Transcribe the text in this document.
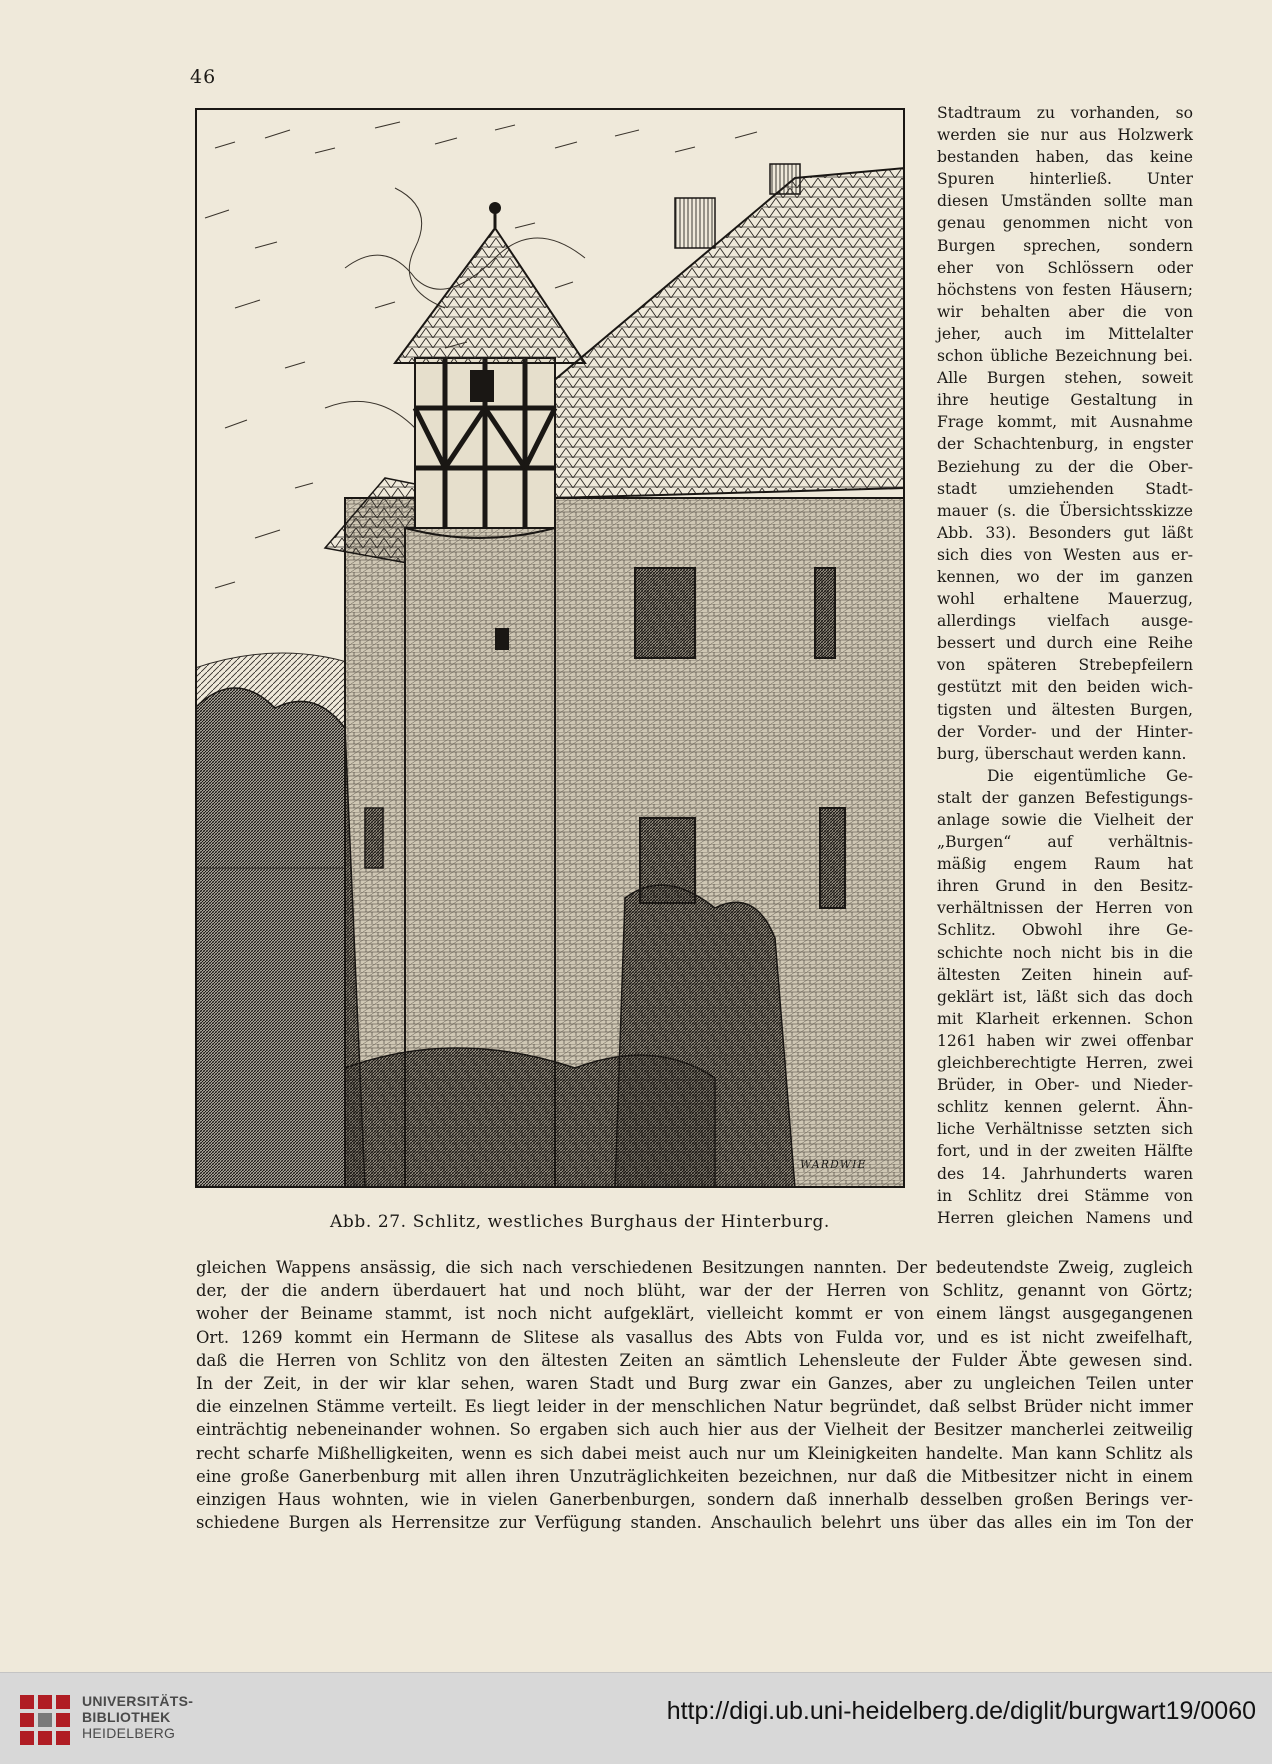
46
WARDWIE
Abb. 27. Schlitz, westliches Burghaus der Hinterburg.
Stadtraum zu vorhanden, so
werden sie nur aus Holzwerk
bestanden haben, das keine
Spuren hinterließ. Unter
diesen Umständen sollte man
genau genommen nicht von
Burgen sprechen, sondern
eher von Schlössern oder
höchstens von festen Häusern;
wir behalten aber die von
jeher, auch im Mittelalter
schon übliche Bezeichnung bei.
Alle Burgen stehen, soweit
ihre heutige Gestaltung in
Frage kommt, mit Ausnahme
der Schachtenburg, in engster
Beziehung zu der die Ober-
stadt umziehenden Stadt-
mauer (s. die Übersichtsskizze
Abb. 33). Besonders gut läßt
sich dies von Westen aus er-
kennen, wo der im ganzen
wohl erhaltene Mauerzug,
allerdings vielfach ausge-
bessert und durch eine Reihe
von späteren Strebepfeilern
gestützt mit den beiden wich-
tigsten und ältesten Burgen,
der Vorder- und der Hinter-
burg, überschaut werden kann.
Die eigentümliche Ge-
stalt der ganzen Befestigungs-
anlage sowie die Vielheit der
„Burgen“ auf verhältnis-
mäßig engem Raum hat
ihren Grund in den Besitz-
verhältnissen der Herren von
Schlitz. Obwohl ihre Ge-
schichte noch nicht bis in die
ältesten Zeiten hinein auf-
geklärt ist, läßt sich das doch
mit Klarheit erkennen. Schon
1261 haben wir zwei offenbar
gleichberechtigte Herren, zwei
Brüder, in Ober- und Nieder-
schlitz kennen gelernt. Ähn-
liche Verhältnisse setzten sich
fort, und in der zweiten Hälfte
des 14. Jahrhunderts waren
in Schlitz drei Stämme von
Herren gleichen Namens und
gleichen Wappens ansässig, die sich nach verschiedenen Besitzungen nannten. Der bedeutendste Zweig, zugleich
der, der die andern überdauert hat und noch blüht, war der der Herren von Schlitz, genannt von Görtz;
woher der Beiname stammt, ist noch nicht aufgeklärt, vielleicht kommt er von einem längst ausgegangenen
Ort. 1269 kommt ein Hermann de Slitese als vasallus des Abts von Fulda vor, und es ist nicht zweifelhaft,
daß die Herren von Schlitz von den ältesten Zeiten an sämtlich Lehensleute der Fulder Äbte gewesen sind.
In der Zeit, in der wir klar sehen, waren Stadt und Burg zwar ein Ganzes, aber zu ungleichen Teilen unter
die einzelnen Stämme verteilt. Es liegt leider in der menschlichen Natur begründet, daß selbst Brüder nicht immer
einträchtig nebeneinander wohnen. So ergaben sich auch hier aus der Vielheit der Besitzer mancherlei zeitweilig
recht scharfe Mißhelligkeiten, wenn es sich dabei meist auch nur um Kleinigkeiten handelte. Man kann Schlitz als
eine große Ganerbenburg mit allen ihren Unzuträglichkeiten bezeichnen, nur daß die Mitbesitzer nicht in einem
einzigen Haus wohnten, wie in vielen Ganerbenburgen, sondern daß innerhalb desselben großen Berings ver-
schiedene Burgen als Herrensitze zur Verfügung standen. Anschaulich belehrt uns über das alles ein im Ton der
UNIVERSITÄTS-
BIBLIOTHEK
HEIDELBERG
http://digi.ub.uni-heidelberg.de/diglit/burgwart19/0060
